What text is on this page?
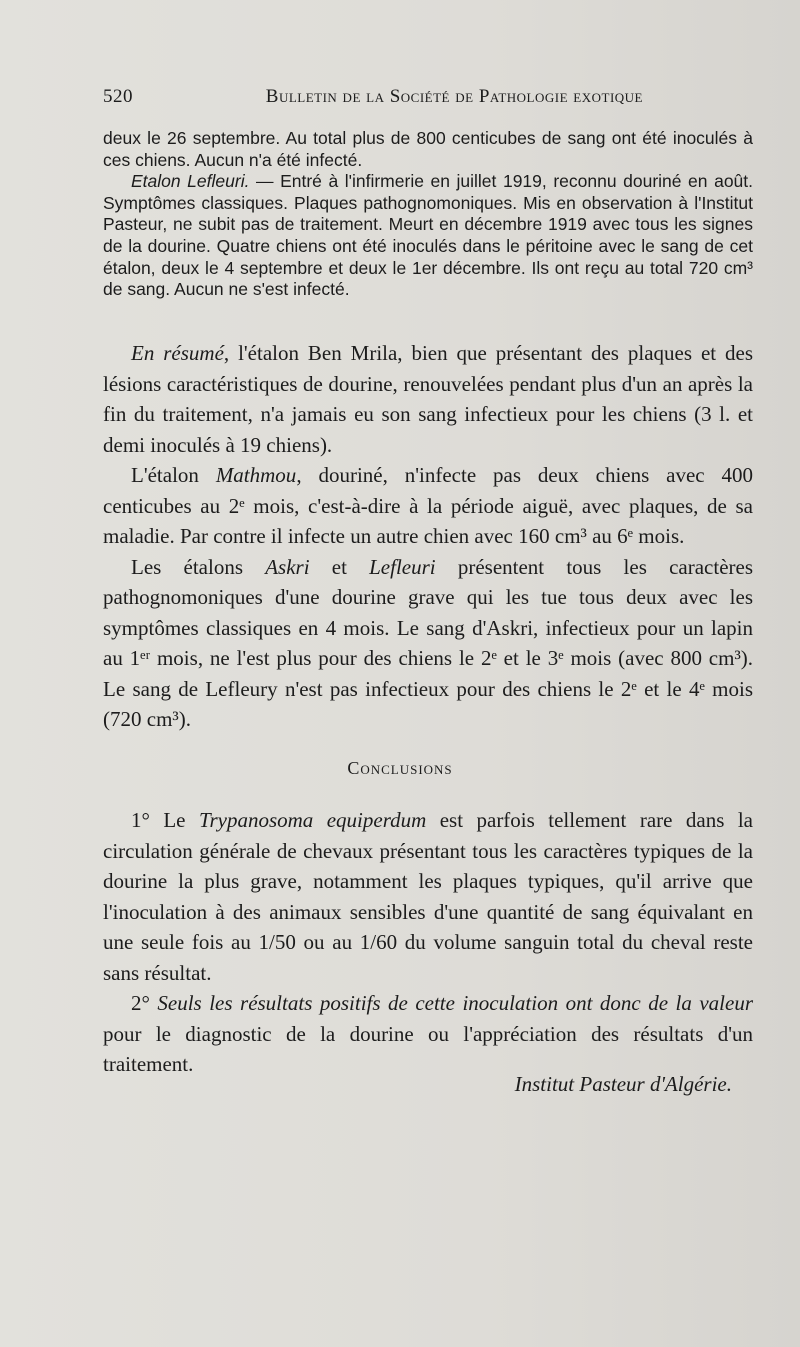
520	Bulletin de la Société de Pathologie exotique

deux le 26 septembre. Au total plus de 800 centicubes de sang ont été inoculés à ces chiens. Aucun n'a été infecté.

Etalon Lefleuri. — Entré à l'infirmerie en juillet 1919, reconnu douriné en août. Symptômes classiques. Plaques pathognomoniques. Mis en observation à l'Institut Pasteur, ne subit pas de traitement. Meurt en décembre 1919 avec tous les signes de la dourine. Quatre chiens ont été inoculés dans le péritoine avec le sang de cet étalon, deux le 4 septembre et deux le 1er décembre. Ils ont reçu au total 720 cm³ de sang. Aucun ne s'est infecté.

En résumé, l'étalon Ben Mrila, bien que présentant des plaques et des lésions caractéristiques de dourine, renouvelées pendant plus d'un an après la fin du traitement, n'a jamais eu son sang infectieux pour les chiens (3 l. et demi inoculés à 19 chiens).

L'étalon Mathmou, douriné, n'infecte pas deux chiens avec 400 centicubes au 2ᵉ mois, c'est-à-dire à la période aiguë, avec plaques, de sa maladie. Par contre il infecte un autre chien avec 160 cm³ au 6ᵉ mois.

Les étalons Askri et Lefleuri présentent tous les caractères pathognomoniques d'une dourine grave qui les tue tous deux avec les symptômes classiques en 4 mois. Le sang d'Askri, infectieux pour un lapin au 1ᵉʳ mois, ne l'est plus pour des chiens le 2ᵉ et le 3ᵉ mois (avec 800 cm³). Le sang de Lefleury n'est pas infectieux pour des chiens le 2ᵉ et le 4ᵉ mois (720 cm³).

Conclusions

1° Le Trypanosoma equiperdum est parfois tellement rare dans la circulation générale de chevaux présentant tous les caractères typiques de la dourine la plus grave, notamment les plaques typiques, qu'il arrive que l'inoculation à des animaux sensibles d'une quantité de sang équivalant en une seule fois au 1/50 ou au 1/60 du volume sanguin total du cheval reste sans résultat.

2° Seuls les résultats positifs de cette inoculation ont donc de la valeur pour le diagnostic de la dourine ou l'appréciation des résultats d'un traitement.

Institut Pasteur d'Algérie.
